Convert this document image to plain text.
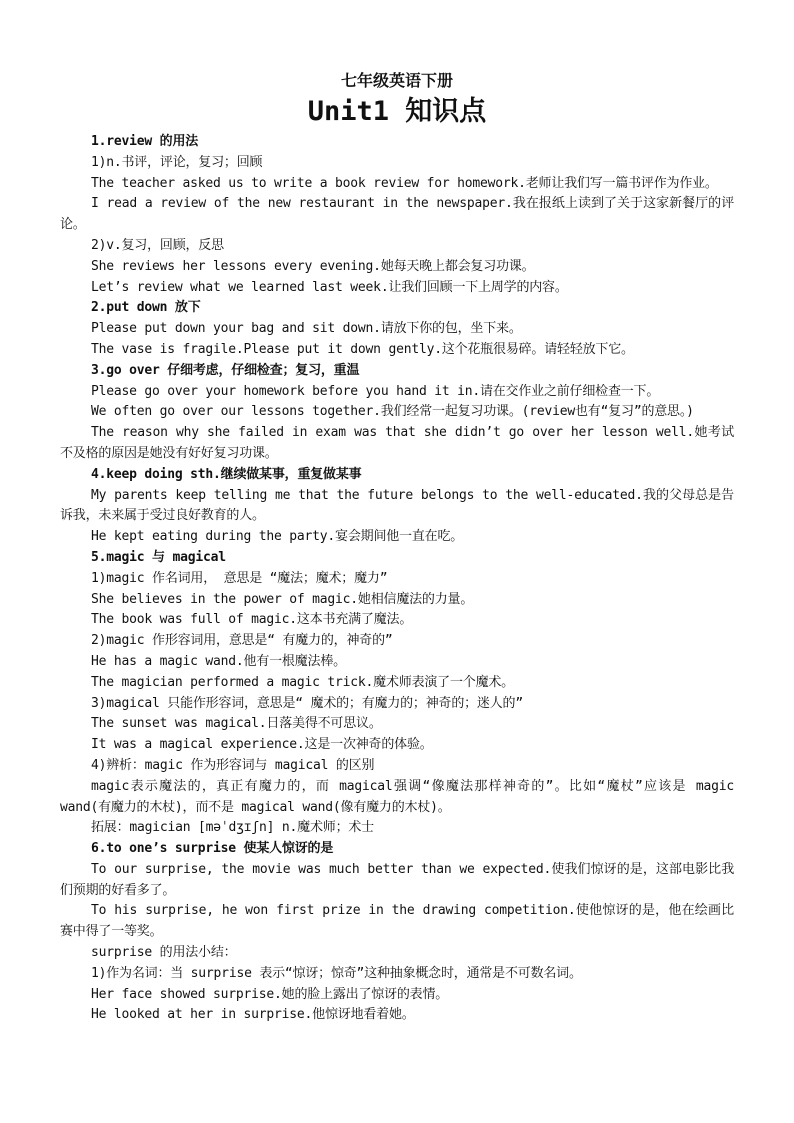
七年级英语下册
Unit1 知识点
1.review 的用法
1)n.书评，评论，复习；回顾
The teacher asked us to write a book review for homework.老师让我们写一篇书评作为作业。
I read a review of the new restaurant in the newspaper.我在报纸上读到了关于这家新餐厅的评论。
2)v.复习，回顾，反思
She reviews her lessons every evening.她每天晚上都会复习功课。
Let’s review what we learned last week.让我们回顾一下上周学的内容。
2.put down 放下
Please put down your bag and sit down.请放下你的包，坐下来。
The vase is fragile.Please put it down gently.这个花瓶很易碎。请轻轻放下它。
3.go over 仔细考虑，仔细检查；复习，重温
Please go over your homework before you hand it in.请在交作业之前仔细检查一下。
We often go over our lessons together.我们经常一起复习功课。(review也有“复习”的意思。)
The reason why she failed in exam was that she didn’t go over her lesson well.她考试不及格的原因是她没有好好复习功课。
4.keep doing sth.继续做某事，重复做某事
My parents keep telling me that the future belongs to the well-educated.我的父母总是告诉我，未来属于受过良好教育的人。
He kept eating during the party.宴会期间他一直在吃。
5.magic 与 magical
1)magic 作名词用， 意思是 “魔法；魔术；魔力”
She believes in the power of magic.她相信魔法的力量。
The book was full of magic.这本书充满了魔法。
2)magic 作形容词用，意思是“ 有魔力的，神奇的”
He has a magic wand.他有一根魔法棒。
The magician performed a magic trick.魔术师表演了一个魔术。
3)magical 只能作形容词，意思是“ 魔术的；有魔力的；神奇的；迷人的”
The sunset was magical.日落美得不可思议。
It was a magical experience.这是一次神奇的体验。
4)辨析：magic 作为形容词与 magical 的区别
magic表示魔法的，真正有魔力的，而 magical强调“像魔法那样神奇的”。比如“魔杖”应该是 magic wand(有魔力的木杖)，而不是 magical wand(像有魔力的木杖)。
拓展：magician [məˈdʒɪʃn] n.魔术师；术士
6.to one’s surprise 使某人惊讶的是
To our surprise, the movie was much better than we expected.使我们惊讶的是，这部电影比我们预期的好看多了。
To his surprise, he won first prize in the drawing competition.使他惊讶的是，他在绘画比赛中得了一等奖。
surprise 的用法小结：
1)作为名词：当 surprise 表示“惊讶；惊奇”这种抽象概念时，通常是不可数名词。
Her face showed surprise.她的脸上露出了惊讶的表情。
He looked at her in surprise.他惊讶地看着她。
